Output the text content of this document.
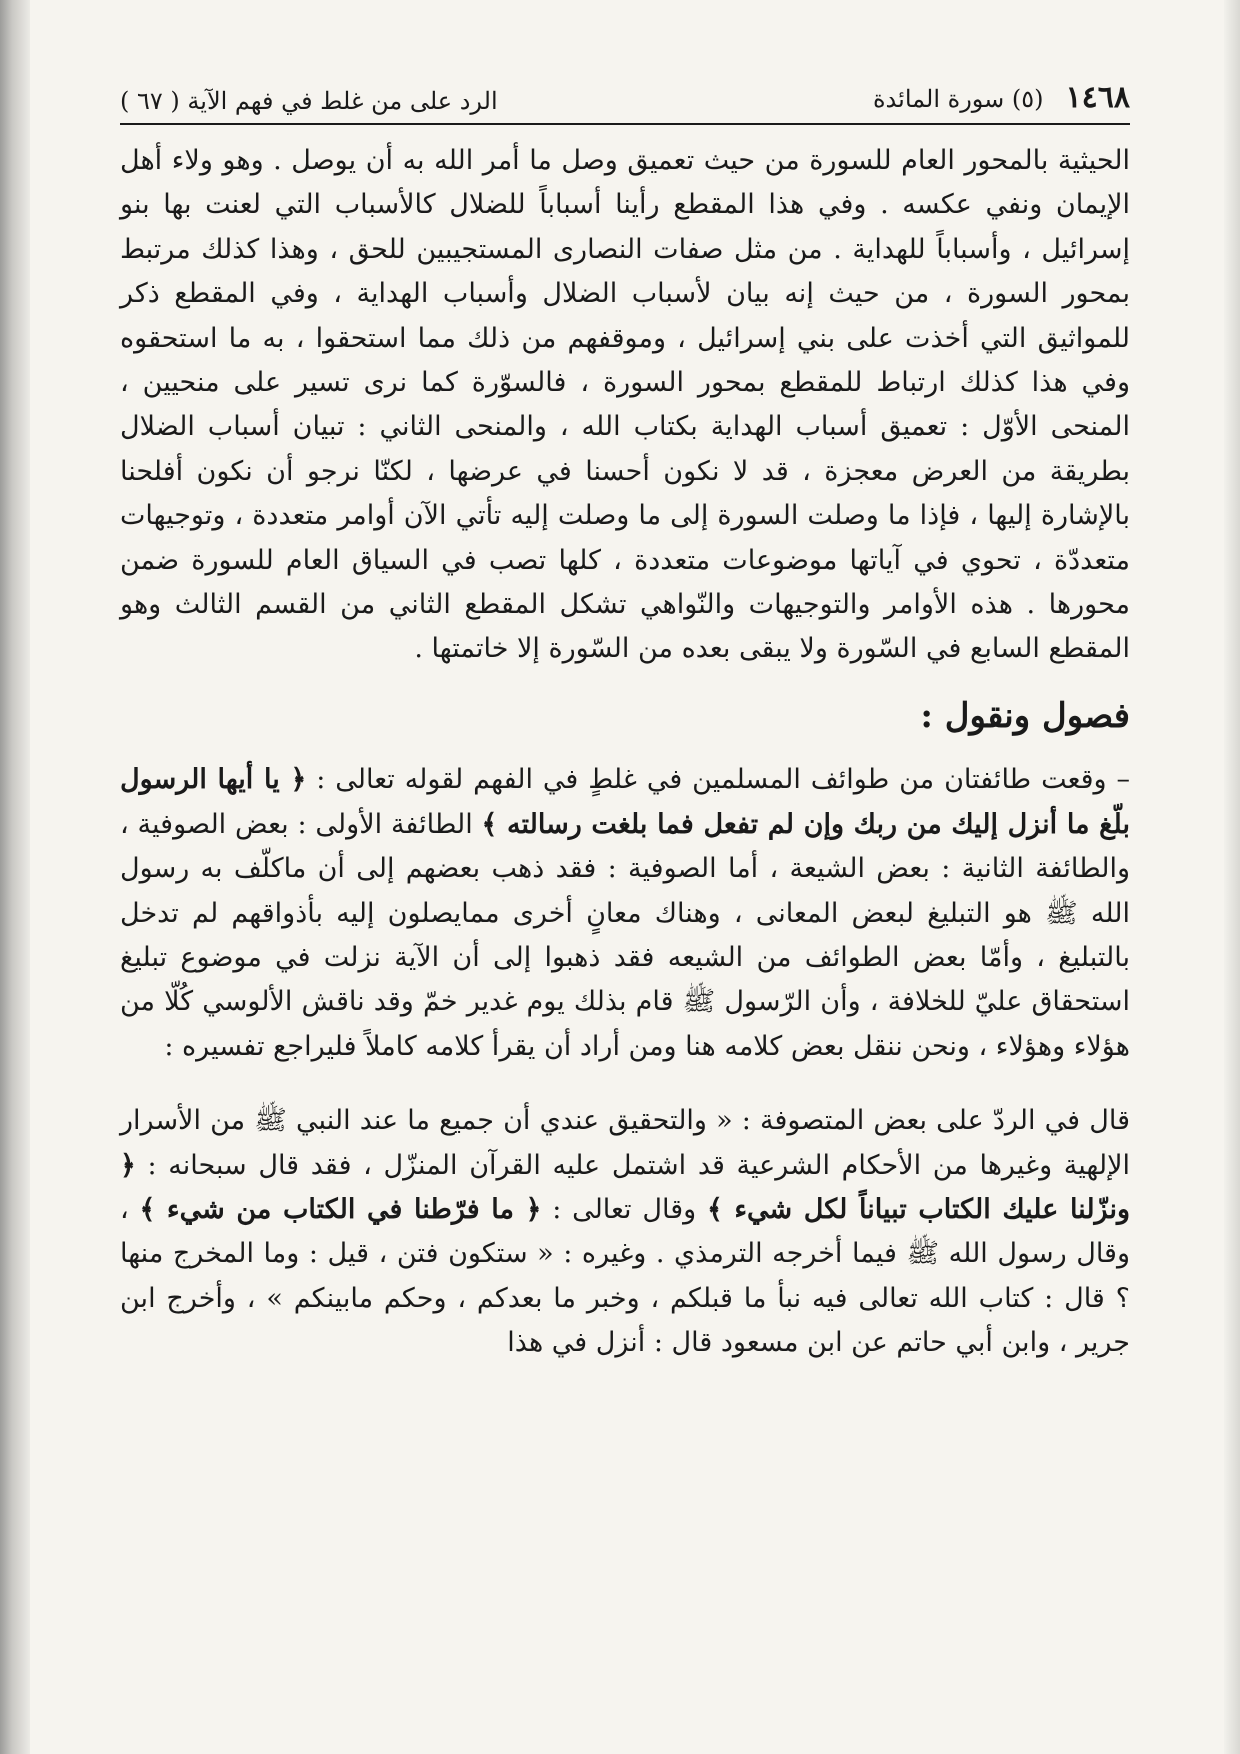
١٤٦٨
(٥) سورة المائدة
الرد على من غلط في فهم الآية ( ٦٧ )

الحيثية بالمحور العام للسورة من حيث تعميق وصل ما أمر الله به أن يوصل . وهو ولاء أهل الإيمان ونفي عكسه . وفي هذا المقطع رأينا أسباباً للضلال كالأسباب التي لعنت بها بنو إسرائيل ، وأسباباً للهداية . من مثل صفات النصارى المستجيبين للحق ، وهذا كذلك مرتبط بمحور السورة ، من حيث إنه بيان لأسباب الضلال وأسباب الهداية ، وفي المقطع ذكر للمواثيق التي أخذت على بني إسرائيل ، وموقفهم من ذلك مما استحقوا ، به ما استحقوه وفي هذا كذلك ارتباط للمقطع بمحور السورة ، فالسوّرة كما نرى تسير على منحيين ، المنحى الأوّل : تعميق أسباب الهداية بكتاب الله ، والمنحى الثاني : تبيان أسباب الضلال بطريقة من العرض معجزة ، قد لا نكون أحسنا في عرضها ، لكنّا نرجو أن نكون أفلحنا بالإشارة إليها ، فإذا ما وصلت السورة إلى ما وصلت إليه تأتي الآن أوامر متعددة ، وتوجيهات متعددّة ، تحوي في آياتها موضوعات متعددة ، كلها تصب في السياق العام للسورة ضمن محورها . هذه الأوامر والتوجيهات والنّواهي تشكل المقطع الثاني من القسم الثالث وهو المقطع السابع في السّورة ولا يبقى بعده من السّورة إلا خاتمتها .

فصول ونقول :

– وقعت طائفتان من طوائف المسلمين في غلطٍ في الفهم لقوله تعالى : ﴿ يا أيها الرسول بلّغ ما أنزل إليك من ربك وإن لم تفعل فما بلغت رسالته ﴾ الطائفة الأولى : بعض الصوفية ، والطائفة الثانية : بعض الشيعة ، أما الصوفية : فقد ذهب بعضهم إلى أن ماكلّف به رسول الله ﷺ هو التبليغ لبعض المعانى ، وهناك معانٍ أخرى ممايصلون إليه بأذواقهم لم تدخل بالتبليغ ، وأمّا بعض الطوائف من الشيعه فقد ذهبوا إلى أن الآية نزلت في موضوع تبليغ استحقاق عليّ للخلافة ، وأن الرّسول ﷺ قام بذلك يوم غدير خمّ وقد ناقش الألوسي كُلّا من هؤلاء وهؤلاء ، ونحن ننقل بعض كلامه هنا ومن أراد أن يقرأ كلامه كاملاً فليراجع تفسيره :

قال في الردّ على بعض المتصوفة : « والتحقيق عندي أن جميع ما عند النبي ﷺ من الأسرار الإلهية وغيرها من الأحكام الشرعية قد اشتمل عليه القرآن المنزّل ، فقد قال سبحانه : ﴿ ونزّلنا عليك الكتاب تبياناً لكل شيء ﴾ وقال تعالى : ﴿ ما فرّطنا في الكتاب من شيء ﴾ ، وقال رسول الله ﷺ فيما أخرجه الترمذي . وغيره : « ستكون فتن ، قيل : وما المخرج منها ؟ قال : كتاب الله تعالى فيه نبأ ما قبلكم ، وخبر ما بعدكم ، وحكم مابينكم » ، وأخرج ابن جرير ، وابن أبي حاتم عن ابن مسعود قال : أنزل في هذا
